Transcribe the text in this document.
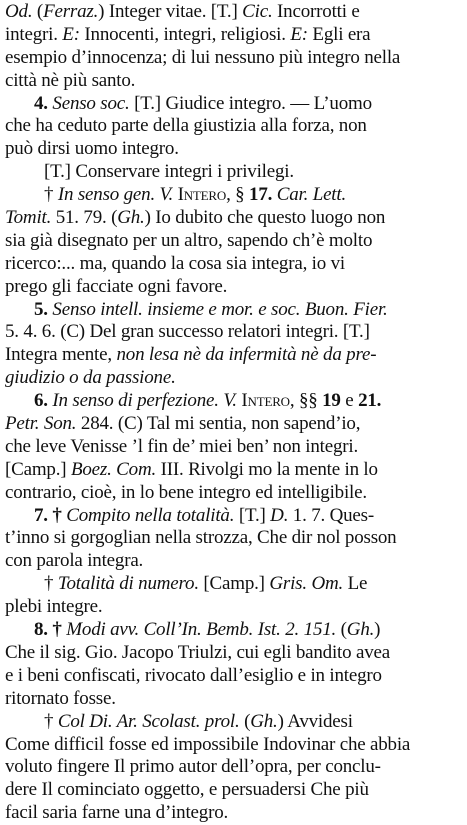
Od. (Ferraz.) Integer vitae. [T.] Cic. Incorrotti e
integri. E: Innocenti, integri, religiosi. E: Egli era
esempio d’innocenza; di lui nessuno più integro nella
città nè più santo.
4. Senso soc. [T.] Giudice integro. — L’uomo
che ha ceduto parte della giustizia alla forza, non
può dirsi uomo integro.
[T.] Conservare integri i privilegi.
† In senso gen. V. Intero, § 17. Car. Lett.
Tomit. 51. 79. (Gh.) Io dubito che questo luogo non
sia già disegnato per un altro, sapendo ch’è molto
ricerco:... ma, quando la cosa sia integra, io vi
prego gli facciate ogni favore.
5. Senso intell. insieme e mor. e soc. Buon. Fier.
5. 4. 6. (C) Del gran successo relatori integri. [T.]
Integra mente, non lesa nè da infermità nè da pre-
giudizio o da passione.
6. In senso di perfezione. V. Intero, §§ 19 e 21.
Petr. Son. 284. (C) Tal mi sentia, non sapend’io,
che leve Venisse ’l fin de’ miei ben’ non integri.
[Camp.] Boez. Com. III. Rivolgi mo la mente in lo
contrario, cioè, in lo bene integro ed intelligibile.
7. † Compito nella totalità. [T.] D. 1. 7. Ques-
t’inno si gorgoglian nella strozza, Che dir nol posson
con parola integra.
† Totalità di numero. [Camp.] Gris. Om. Le
plebi integre.
8. † Modi avv. Coll’In. Bemb. Ist. 2. 151. (Gh.)
Che il sig. Gio. Jacopo Triulzi, cui egli bandito avea
e i beni confiscati, rivocato dall’esiglio e in integro
ritornato fosse.
† Col Di. Ar. Scolast. prol. (Gh.) Avvidesi
Come difficil fosse ed impossibile Indovinar che abbia
voluto fingere Il primo autor dell’opra, per conclu-
dere Il cominciato oggetto, e persuadersi Che più
facil saria farne una d’integro.
